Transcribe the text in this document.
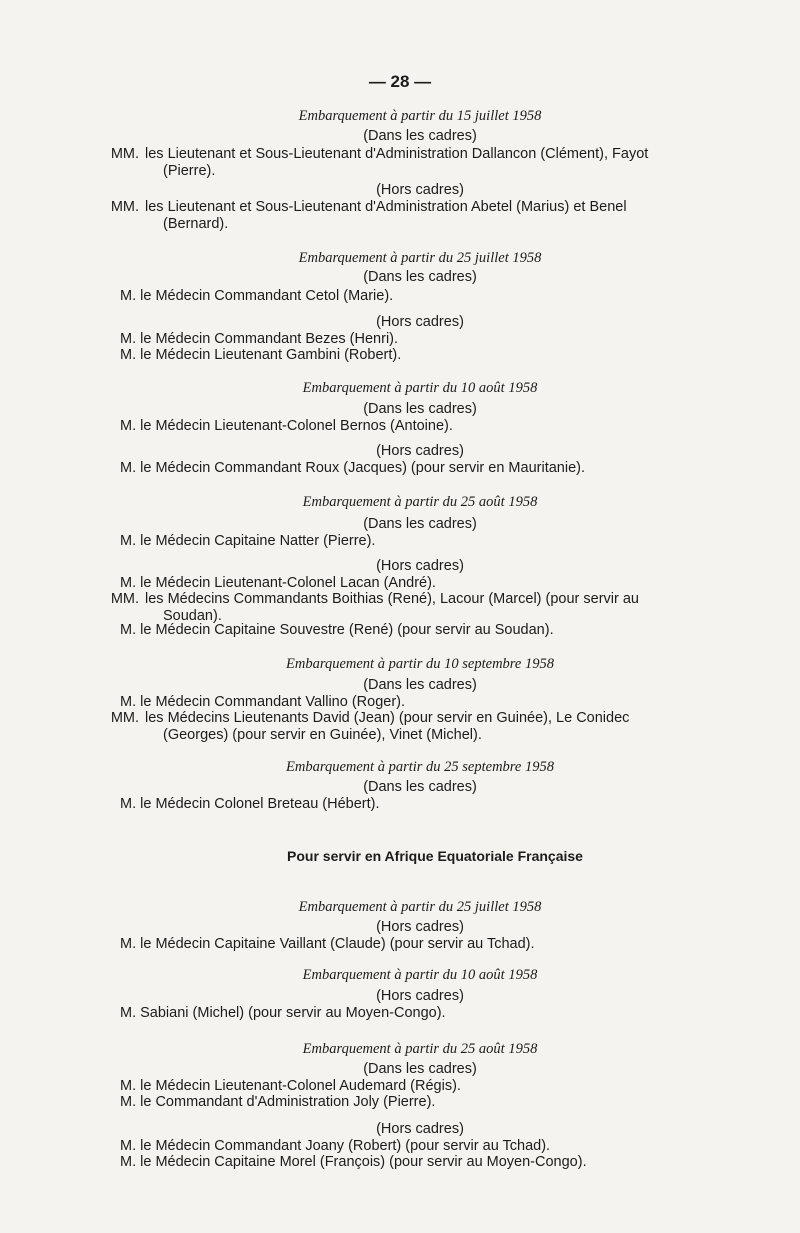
— 28 —
Embarquement à partir du 15 juillet 1958
(Dans les cadres)
MM. les Lieutenant et Sous-Lieutenant d'Administration Dallancon (Clément), Fayot
(Pierre).
(Hors cadres)
MM. les Lieutenant et Sous-Lieutenant d'Administration Abetel (Marius) et Benel
(Bernard).
Embarquement à partir du 25 juillet 1958
(Dans les cadres)
M. le Médecin Commandant Cetol (Marie).
(Hors cadres)
M. le Médecin Commandant Bezes (Henri).
M. le Médecin Lieutenant Gambini (Robert).
Embarquement à partir du 10 août 1958
(Dans les cadres)
M. le Médecin Lieutenant-Colonel Bernos (Antoine).
(Hors cadres)
M. le Médecin Commandant Roux (Jacques) (pour servir en Mauritanie).
Embarquement à partir du 25 août 1958
(Dans les cadres)
M. le Médecin Capitaine Natter (Pierre).
(Hors cadres)
M. le Médecin Lieutenant-Colonel Lacan (André).
MM. les Médecins Commandants Boithias (René), Lacour (Marcel) (pour servir au
Soudan).
M. le Médecin Capitaine Souvestre (René) (pour servir au Soudan).
Embarquement à partir du 10 septembre 1958
(Dans les cadres)
M. le Médecin Commandant Vallino (Roger).
MM. les Médecins Lieutenants David (Jean) (pour servir en Guinée), Le Conidec
(Georges) (pour servir en Guinée), Vinet (Michel).
Embarquement à partir du 25 septembre 1958
(Dans les cadres)
M. le Médecin Colonel Breteau (Hébert).
Pour servir en Afrique Equatoriale Française
Embarquement à partir du 25 juillet 1958
(Hors cadres)
M. le Médecin Capitaine Vaillant (Claude) (pour servir au Tchad).
Embarquement à partir du 10 août 1958
(Hors cadres)
M. Sabiani (Michel) (pour servir au Moyen-Congo).
Embarquement à partir du 25 août 1958
(Dans les cadres)
M. le Médecin Lieutenant-Colonel Audemard (Régis).
M. le Commandant d'Administration Joly (Pierre).
(Hors cadres)
M. le Médecin Commandant Joany (Robert) (pour servir au Tchad).
M. le Médecin Capitaine Morel (François) (pour servir au Moyen-Congo).
